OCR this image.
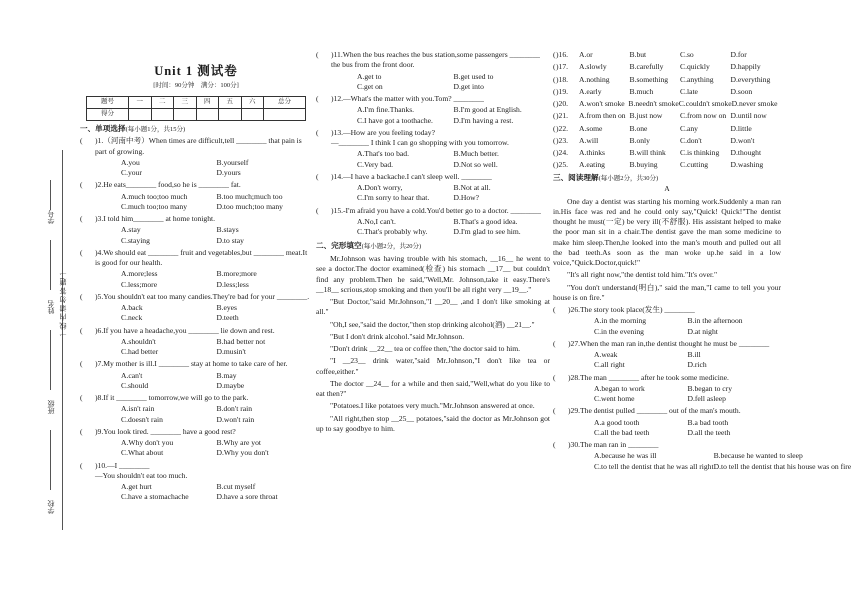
一 线 内 请 勿 答 题 一
学号
姓名
班级
学校
Unit 1 测试卷
[时间：90分钟　满分：100分]
题号	一	二	三	四	五	六	总分
得分							
一、单项选择(每小题1分，共15分)
( )1.（河南中考）When times are difficult,tell ________ that pain is part of growing.
A.you	B.yourself
C.your	D.yours
( )2.He eats________ food,so he is ________ fat.
A.much too;too much	B.too much;much too
C.much too;too many	D.too much;too many
( )3.I told him________ at home tonight.
A.stay	B.stays
C.staying	D.to stay
( )4.We should eat ________ fruit and vegetables,but ________ meat.It is good for our health.
A.more;less	B.more;more
C.less;more	D.less;less
( )5.You shouldn't eat too many candies.They're bad for your ________.
A.back	B.eyes
C.neck	D.teeth
( )6.If you have a headache,you ________ lie down and rest.
A.shouldn't	B.had better not
C.had better	D.musin't
( )7.My mother is ill.I ________ stay at home to take care of her.
A.can't	B.may
C.should	D.maybe
( )8.If it ________ tomorrow,we will go to the park.
A.isn't rain	B.don't rain
C.doesn't rain	D.won't rain
( )9.You look tired. ________ have a good rest?
A.Why don't you	B.Why are yot
C.What about	D.Why you don't
( )10.—I ________
—You shouldn't eat too much.
A.get hurt	B.cut myself
C.have a stomachache	D.have a sore throat
( )11.When the bus reaches the bus station,some passengers ________ the bus from the front door.
A.get to	B.get used to
C.get on	D.get into
( )12.—What's the matter with you.Tom? ________
A.I'm fine.Thanks.	B.I'm good at English.
C.I have got a toothache.	D.I'm having a rest.
( )13.—How are you feeling today?
—________ I think I can go shopping with you tomorrow.
A.That's too bad.	B.Much better.
C.Very bad.	D.Not so well.
( )14.—I have a backache.I can't sleep well. ________
A.Don't worry,	B.Not at all.
C.I'm sorry to hear that.	D.How?
( )15.-I'm afraid you have a cold.You'd better go to a doctor. ________
A.No,I can't.	B.That's a good idea.
C.That's probably why.	D.I'm glad to see him.
二、完形填空(每小题2分，共20分)
Mr.Johnson was having trouble with his stomach, __16__ he went to see a doctor.The doctor examined(检查) his stomach __17__ but couldn't find any problem.Then he said,"Well,Mr. Johnson,take it easy.There's __18__ scrious,stop smoking and then you'll be all right very __19__."
"But Doctor,"said Mr.Johnson,"I __20__ ,and I don't like smoking at all."
"Oh,I see,"said the doctor,"then stop drinking alcohol(酒) __21__."
"But I don't drink alcohol."said Mr.Johnson.
"Don't drink __22__ tea or coffee then,"the doctor said to him.
"I __23__ drink water,"said Mr.Johnson,"I don't like tea or coffee,either."
The doctor __24__ for a while and then said,"Well,what do you like to eat then?"
"Potatoes.I like potatoes very much."Mr.Johnson answered at once.
"All right,then stop __25__ potatoes,"said the doctor as Mr.Johnson got up to say goodbye to him.
( )16. A.or	B.but	C.so	D.for
( )17. A.slowly	B.carefully	C.quickly	D.happily
( )18. A.nothing	B.something	C.anything	D.everything
( )19. A.early	B.much	C.late	D.soon
( )20. A.won't smoke B.needn't smoke C.couldn't smoke D.never smoke
( )21. A.from then on B.just now	C.from now on D.until now
( )22. A.some	B.one	C.any	D.little
( )23. A.will	B.only	C.don't	D.won't
( )24. A.thinks	B.will think	C.is thinking	D.thought
( )25. A.eating	B.buying	C.cutting	D.washing
三、阅读理解(每小题2分，共30分)
A
One day a dentist was starting his morning work.Suddenly a man ran in.His face was red and he could only say,"Quick! Quick!"The dentist thought he must(一定) be very ill(不舒服). His assistant helped to make the poor man sit in a chair.The dentist gave the man some medicine to make him sleep.Then,he looked into the man's mouth and pulled out all the bad teeth.As soon as the man woke up.he said in a low voice,"Quick.Doctor,quick!"
"It's all right now,"the dentist told him."It's over."
"You don't understand(明白)," said the man,"I came to tell you your house is on fire."
( )26.The story took place(发生) ________
A.in the morning	B.in the afternoon
C.in the evening	D.at night
( )27.When the man ran in,the dentist thought he must be ________
A.weak	B.ill
C.all right	D.rich
( )28.The man ________ after he took some medicine.
A.began to work	B.began to cry
C.went home	D.fell asleep
( )29.The dentist pulled ________ out of the man's mouth.
A.a good tooth	B.a bad tooth
C.all the bad teeth	D.all the teeth
( )30.The man ran in ________
A.because he was ill	B.because he wanted to sleep
C.to tell the dentist that he was all right D.to tell the dentist that his house was on fire
